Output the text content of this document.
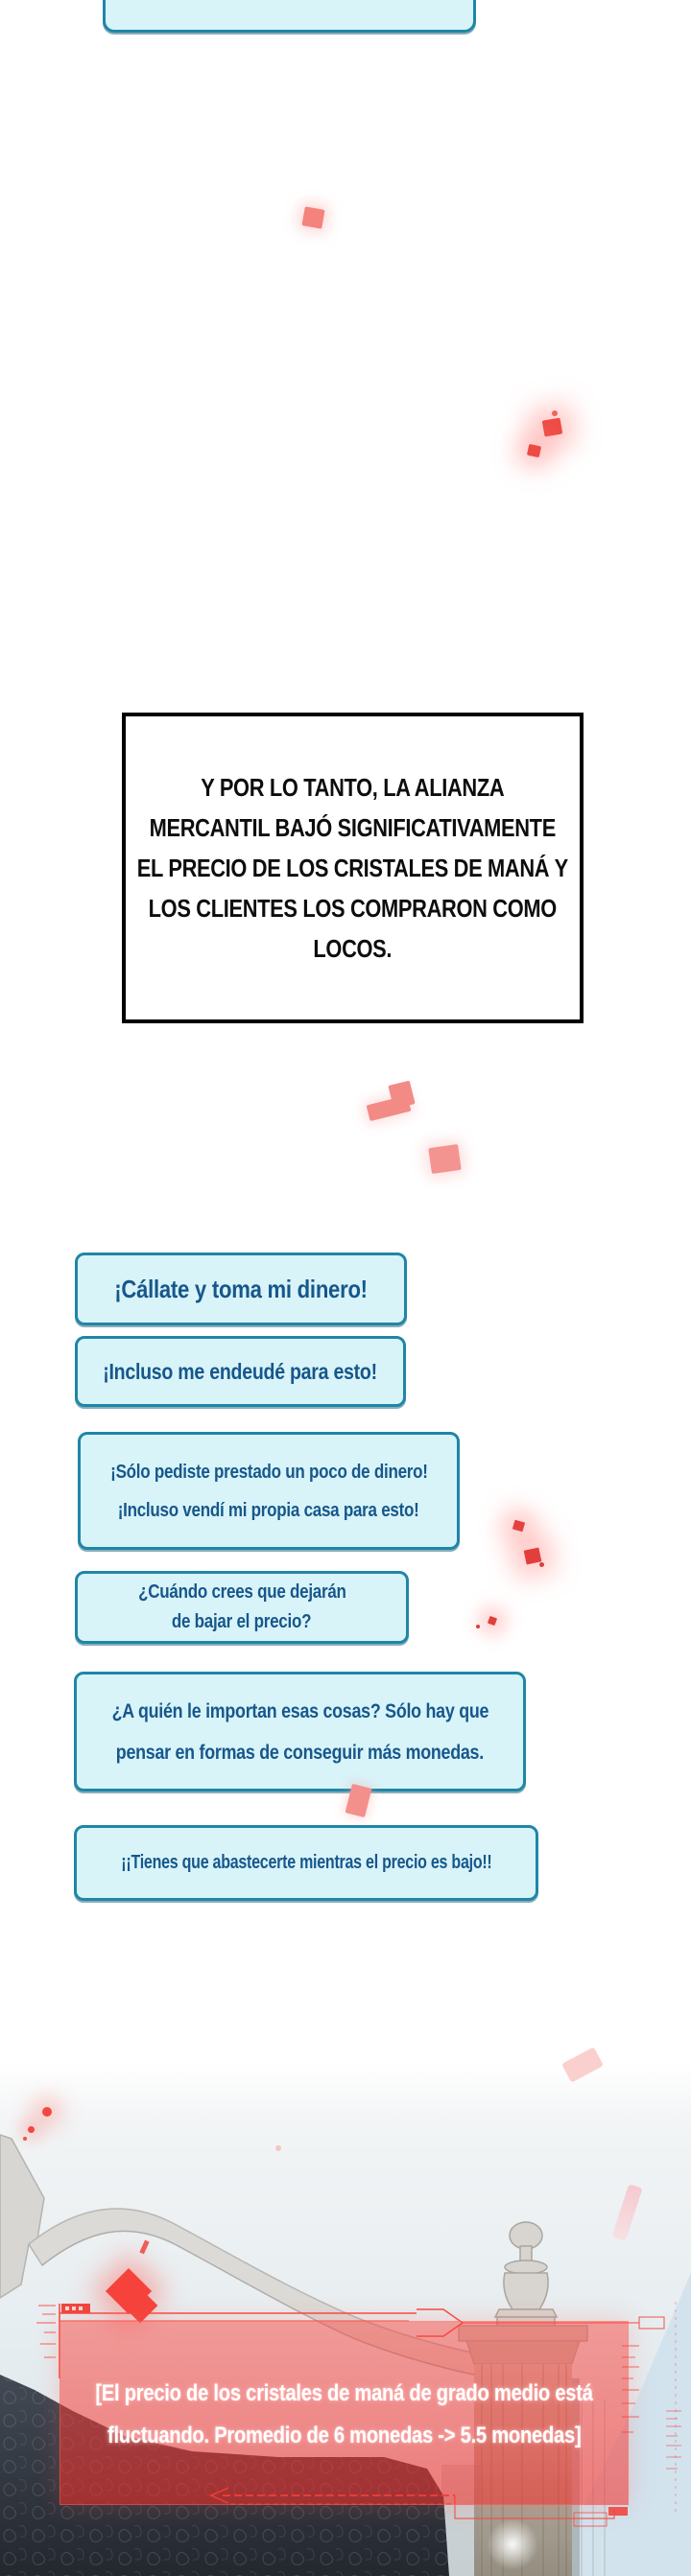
Y POR LO TANTO, LA ALIANZA
MERCANTIL BAJÓ SIGNIFICATIVAMENTE
EL PRECIO DE LOS CRISTALES DE MANÁ Y
LOS CLIENTES LOS COMPRARON COMO
LOCOS.
¡Cállate y toma mi dinero!
¡Incluso me endeudé para esto!
¡Sólo pediste prestado un poco de dinero!
¡Incluso vendí mi propia casa para esto!
¿Cuándo crees que dejarán
de bajar el precio?
¿A quién le importan esas cosas? Sólo hay que
pensar en formas de conseguir más monedas.
¡¡Tienes que abastecerte mientras el precio es bajo!!
[El precio de los cristales de maná de grado medio está
fluctuando. Promedio de 6 monedas -> 5.5 monedas]
